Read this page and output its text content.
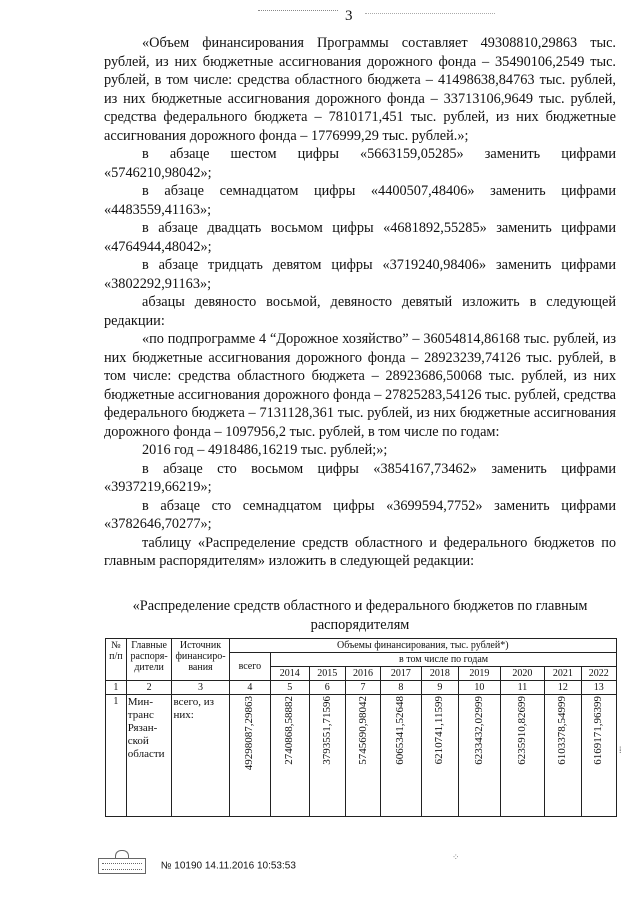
3

«Объем финансирования Программы составляет 49308810,29863 тыс. рублей, из них бюджетные ассигнования дорожного фонда – 35490106,2549 тыс. рублей, в том числе: средства областного бюджета – 41498638,84763 тыс. рублей, из них бюджетные ассигнования дорожного фонда – 33713106,9649 тыс. рублей, средства федерального бюджета – 7810171,451 тыс. рублей, из них бюджетные ассигнования дорожного фонда – 1776999,29 тыс. рублей.»;

в абзаце шестом цифры «5663159,05285» заменить цифрами «5746210,98042»;

в абзаце семнадцатом цифры «4400507,48406» заменить цифрами «4483559,41163»;

в абзаце двадцать восьмом цифры «4681892,55285» заменить цифрами «4764944,48042»;

в абзаце тридцать девятом цифры «3719240,98406» заменить цифрами «3802292,91163»;

абзацы девяносто восьмой, девяносто девятый изложить в следующей редакции:

«по подпрограмме 4 “Дорожное хозяйство” – 36054814,86168 тыс. рублей, из них бюджетные ассигнования дорожного фонда – 28923239,74126 тыс. рублей, в том числе: средства областного бюджета – 28923686,50068 тыс. рублей, из них бюджетные ассигнования дорожного фонда – 27825283,54126 тыс. рублей, средства федерального бюджета – 7131128,361 тыс. рублей, из них бюджетные ассигнования дорожного фонда – 1097956,2 тыс. рублей, в том числе по годам:

2016 год – 4918486,16219 тыс. рублей;»;

в абзаце сто восьмом цифры «3854167,73462» заменить цифрами «3937219,66219»;

в абзаце сто семнадцатом цифры «3699594,7752» заменить цифрами «3782646,70277»;

таблицу «Распределение средств областного и федерального бюджетов по главным распорядителям» изложить в следующей редакции:

«Распределение средств областного и федерального бюджетов по главным распорядителям
№ п/п	Главные распоря-дители	Источник финансиро-вания	Объемы финансирования, тыс. рублей*)									
			всего	в том числе по годам								
				2014	2015	2016	2017	2018	2019	2020	2021	2022
1	2	3	4	5	6	7	8	9	10	11	12	13
1	Мин-транс Рязан-ской области	всего, из них:	49298087,29863	2740868,58882	3793551,71596	5745690,98042	6065341,52648	6210741,11599	6233432,02999	6235910,82699	6103378,54999	6169171,96399 ⁞
⁘
№ 10190 14.11.2016 10:53:53
